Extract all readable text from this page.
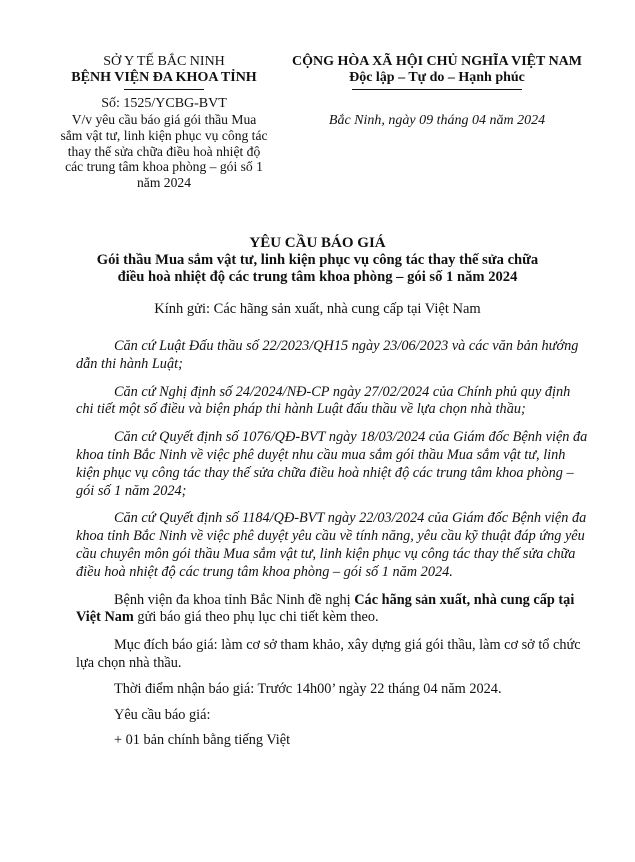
SỞ Y TẾ BẮC NINH
BỆNH VIỆN ĐA KHOA TỈNH
Số: 1525/YCBG-BVT
V/v yêu cầu báo giá gói thầu Mua
sắm vật tư, linh kiện phục vụ công tác
thay thế sửa chữa điều hoà nhiệt độ
các trung tâm khoa phòng – gói số 1
năm 2024
CỘNG HÒA XÃ HỘI CHỦ NGHĨA VIỆT NAM
Độc lập – Tự do – Hạnh phúc
Bắc Ninh, ngày 09 tháng 04 năm 2024
YÊU CẦU BÁO GIÁ
Gói thầu Mua sắm vật tư, linh kiện phục vụ công tác thay thế sửa chữa
điều hoà nhiệt độ các trung tâm khoa phòng – gói số 1 năm 2024
Kính gửi: Các hãng sản xuất, nhà cung cấp tại Việt Nam

Căn cứ Luật Đấu thầu số 22/2023/QH15 ngày 23/06/2023 và các văn bản hướng dẫn thi hành Luật;

Căn cứ Nghị định số 24/2024/NĐ-CP ngày 27/02/2024 của Chính phủ quy định chi tiết một số điều và biện pháp thi hành Luật đấu thầu về lựa chọn nhà thầu;

Căn cứ Quyết định số 1076/QĐ-BVT ngày 18/03/2024 của Giám đốc Bệnh viện đa khoa tỉnh Bắc Ninh về việc phê duyệt nhu cầu mua sắm gói thầu Mua sắm vật tư, linh kiện phục vụ công tác thay thế sửa chữa điều hoà nhiệt độ các trung tâm khoa phòng – gói số 1 năm 2024;

Căn cứ Quyết định số 1184/QĐ-BVT ngày 22/03/2024 của Giám đốc Bệnh viện đa khoa tỉnh Bắc Ninh về việc phê duyệt yêu cầu về tính năng, yêu cầu kỹ thuật đáp ứng yêu cầu chuyên môn gói thầu Mua sắm vật tư, linh kiện phục vụ công tác thay thế sửa chữa điều hoà nhiệt độ các trung tâm khoa phòng – gói số 1 năm 2024.

Bệnh viện đa khoa tỉnh Bắc Ninh đề nghị Các hãng sản xuất, nhà cung cấp tại Việt Nam gửi báo giá theo phụ lục chi tiết kèm theo.

Mục đích báo giá: làm cơ sở tham khảo, xây dựng giá gói thầu, làm cơ sở tổ chức lựa chọn nhà thầu.

Thời điểm nhận báo giá: Trước 14h00’ ngày 22 tháng 04 năm 2024.

Yêu cầu báo giá:

+ 01 bản chính bằng tiếng Việt
